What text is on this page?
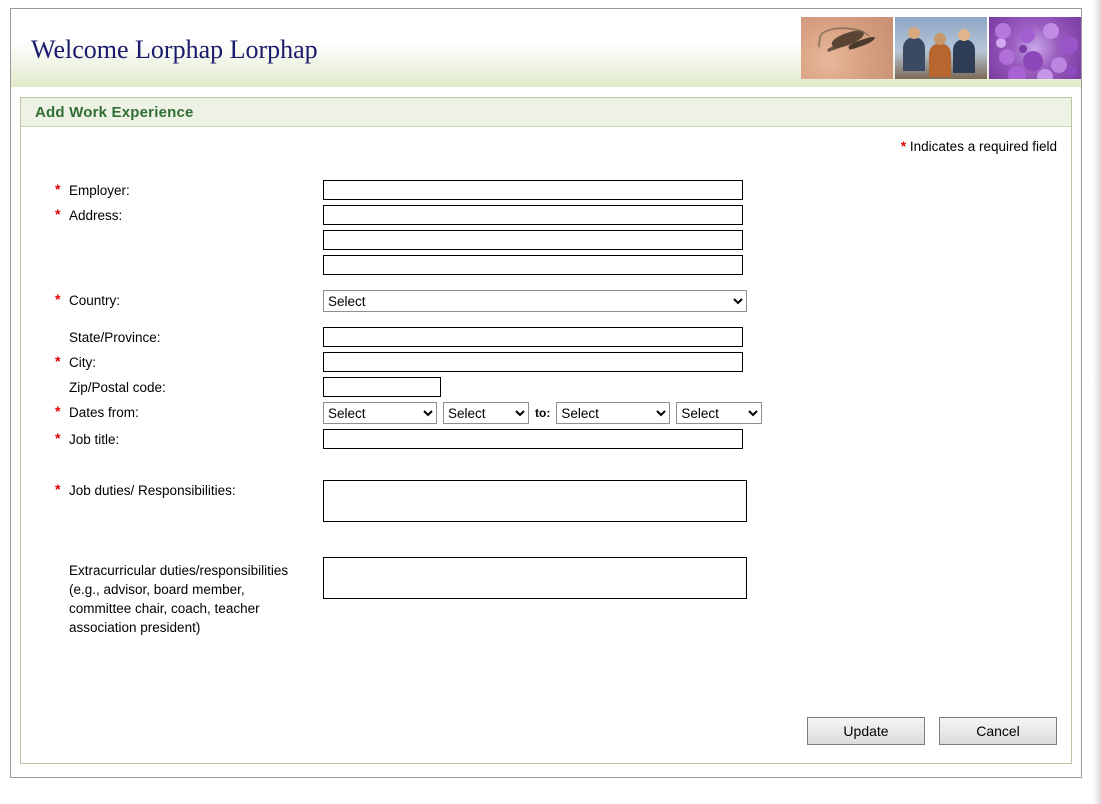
Welcome Lorphap Lorphap
Add Work Experience
* Indicates a required field
* Employer:
* Address:
* Country:
Select
State/Province:
* City:
Zip/Postal code:
* Dates from:
Select
Select	to:
Select
Select
* Job title:
* Job duties/ Responsibilities:
Extracurricular duties/responsibilities (e.g., advisor, board member, committee chair, coach, teacher association president)
Update	Cancel
